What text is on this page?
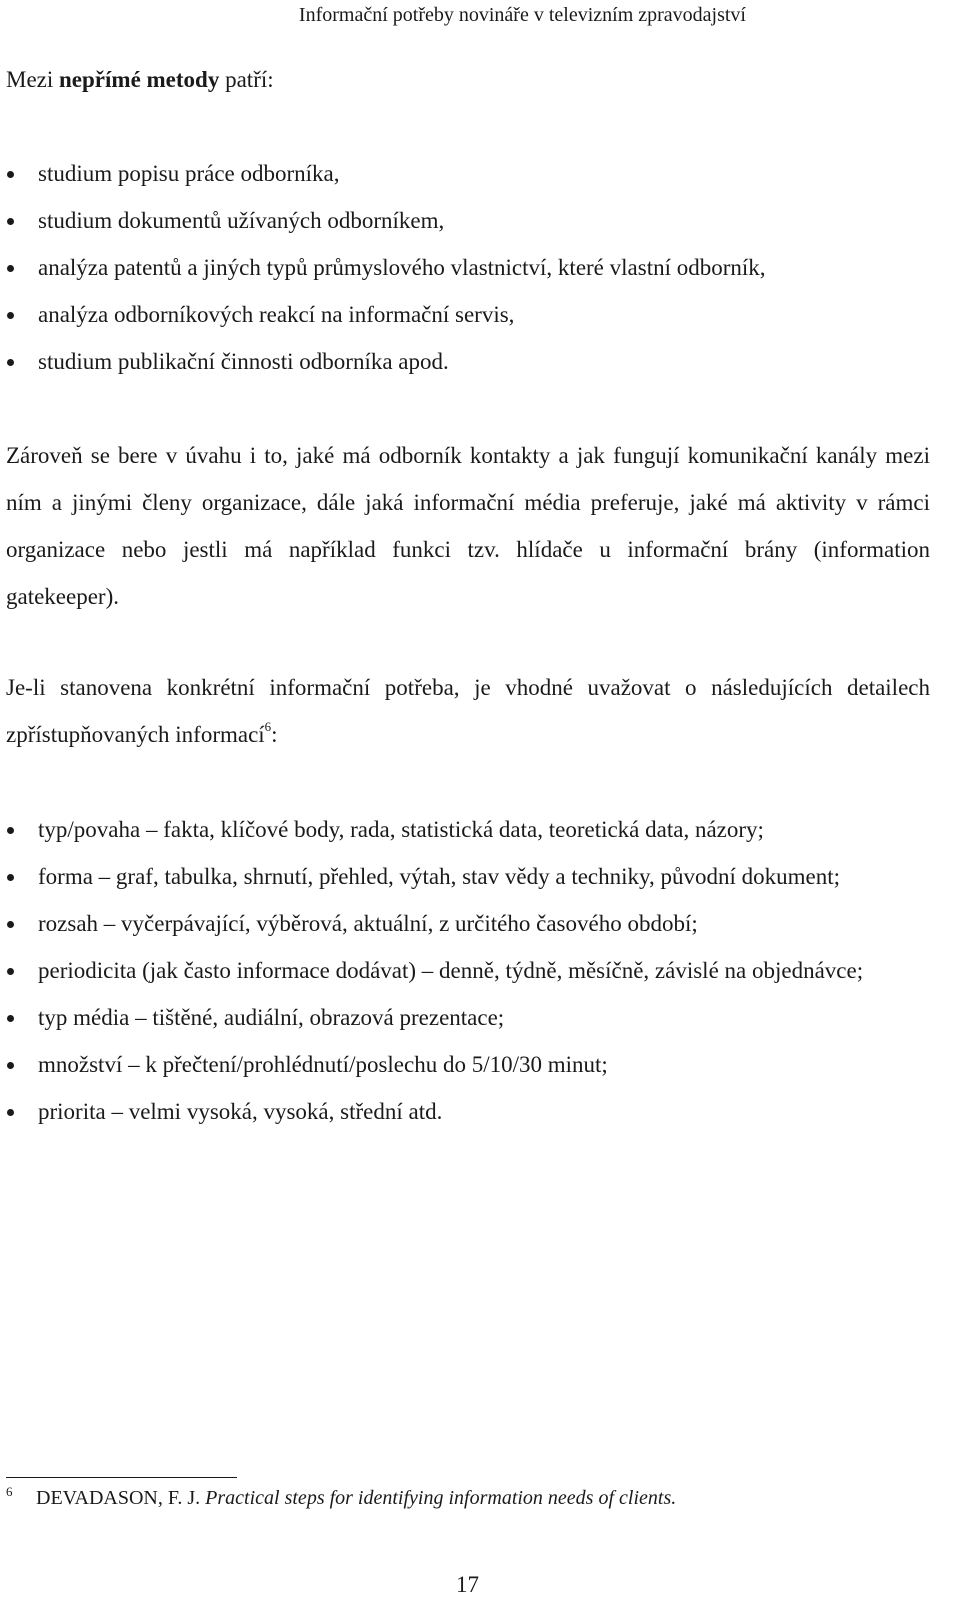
Informační potřeby novináře v televizním zpravodajství
Mezi nepřímé metody patří:
studium popisu práce odborníka,
studium dokumentů užívaných odborníkem,
analýza patentů a jiných typů průmyslového vlastnictví, které vlastní odborník,
analýza odborníkových reakcí na informační servis,
studium publikační činnosti odborníka apod.

Zároveň se bere v úvahu i to, jaké má odborník kontakty a jak fungují komunikační kanály mezi ním a jinými členy organizace, dále jaká informační média preferuje, jaké má aktivity v rámci organizace nebo jestli má například funkci tzv. hlídače u informační brány (information gatekeeper).

Je-li stanovena konkrétní informační potřeba, je vhodné uvažovat o následujících detailech zpřístupňovaných informací$^6$:

typ/povaha – fakta, klíčové body, rada, statistická data, teoretická data, názory;
forma – graf, tabulka, shrnutí, přehled, výtah, stav vědy a techniky, původní dokument;
rozsah – vyčerpávající, výběrová, aktuální, z určitého časového období;
periodicita (jak často informace dodávat) – denně, týdně, měsíčně, závislé na objednávce;
typ média – tištěné, audiální, obrazová prezentace;
množství – k přečtení/prohlédnutí/poslechu do 5/10/30 minut;
priorita – velmi vysoká, vysoká, střední atd.
6 DEVADASON, F. J. Practical steps for identifying information needs of clients.
17
